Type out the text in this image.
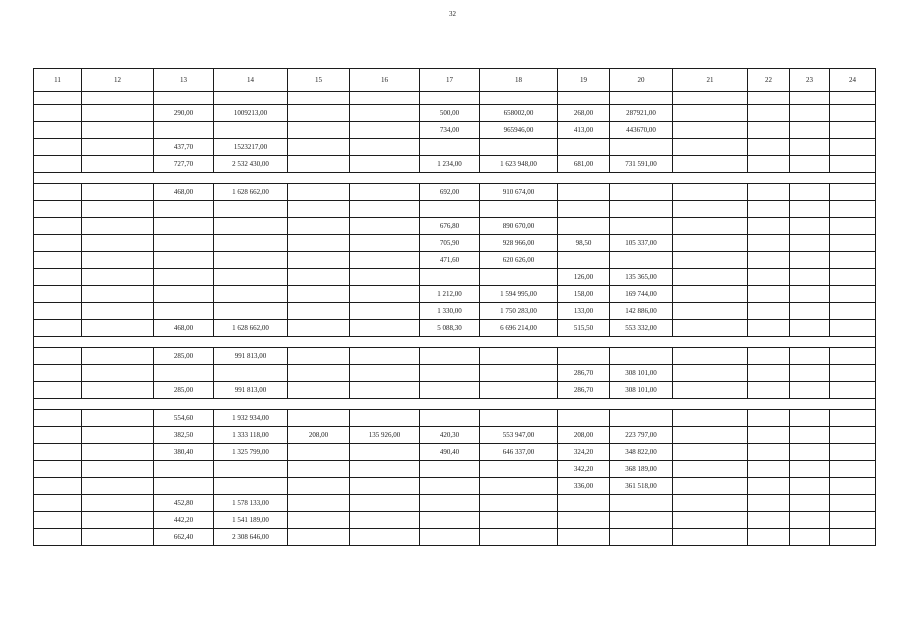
32
11	12	13	14	15	16	17	18	19	20	21	22	23	24

		290,00	1009213,00			500,00	658002,00	268,00	287921,00				
						734,00	965946,00	413,00	443670,00				
		437,70	1523217,00										
		727,70	2 532 430,00			1 234,00	1 623 948,00	681,00	731 591,00				

		468,00	1 628 662,00			692,00	910 674,00						

						676,80	890 670,00						
						705,90	928 966,00	98,50	105 337,00				
						471,60	620 626,00						
								126,00	135 365,00				
						1 212,00	1 594 995,00	158,00	169 744,00				
						1 330,00	1 750 283,00	133,00	142 886,00				
		468,00	1 628 662,00			5 088,30	6 696 214,00	515,50	553 332,00				

		285,00	991 813,00										
								286,70	308 101,00				
		285,00	991 813,00					286,70	308 101,00				

		554,60	1 932 934,00										
		382,50	1 333 118,00	208,00	135 926,00	420,30	553 947,00	208,00	223 797,00				
		380,40	1 325 799,00			490,40	646 337,00	324,20	348 822,00				
								342,20	368 189,00				
								336,00	361 518,00				
		452,80	1 578 133,00										
		442,20	1 541 189,00										
		662,40	2 308 646,00										
